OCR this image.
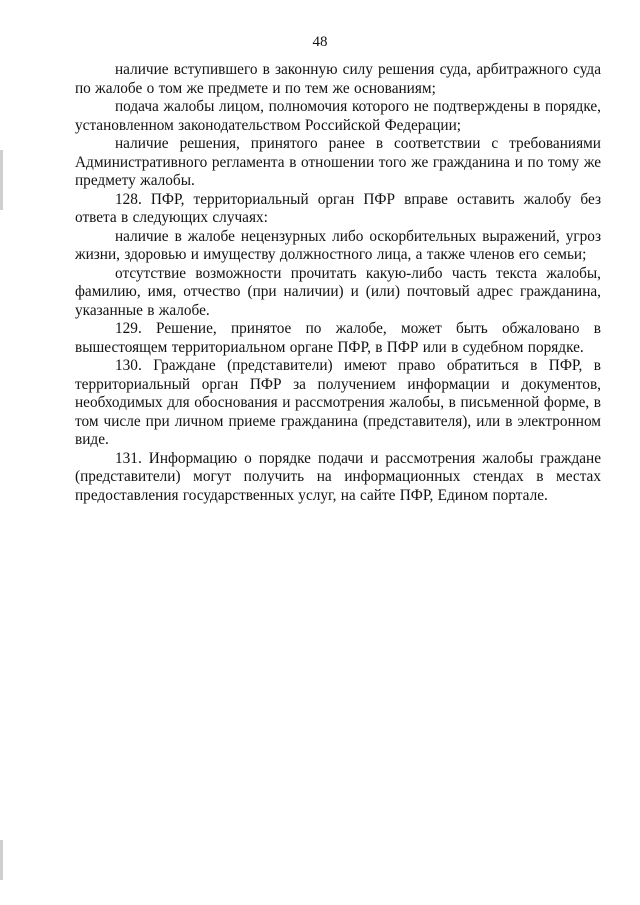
48

наличие вступившего в законную силу решения суда, арбитражного суда по жалобе о том же предмете и по тем же основаниям;

подача жалобы лицом, полномочия которого не подтверждены в порядке, установленном законодательством Российской Федерации;

наличие решения, принятого ранее в соответствии с требованиями Административного регламента в отношении того же гражданина и по тому же предмету жалобы.

128. ПФР, территориальный орган ПФР вправе оставить жалобу без ответа в следующих случаях:

наличие в жалобе нецензурных либо оскорбительных выражений, угроз жизни, здоровью и имуществу должностного лица, а также членов его семьи;

отсутствие возможности прочитать какую-либо часть текста жалобы, фамилию, имя, отчество (при наличии) и (или) почтовый адрес гражданина, указанные в жалобе.

129. Решение, принятое по жалобе, может быть обжаловано в вышестоящем территориальном органе ПФР, в ПФР или в судебном порядке.

130. Граждане (представители) имеют право обратиться в ПФР, в территориальный орган ПФР за получением информации и документов, необходимых для обоснования и рассмотрения жалобы, в письменной форме, в том числе при личном приеме гражданина (представителя), или в электронном виде.

131. Информацию о порядке подачи и рассмотрения жалобы граждане (представители) могут получить на информационных стендах в местах предоставления государственных услуг, на сайте ПФР, Едином портале.
